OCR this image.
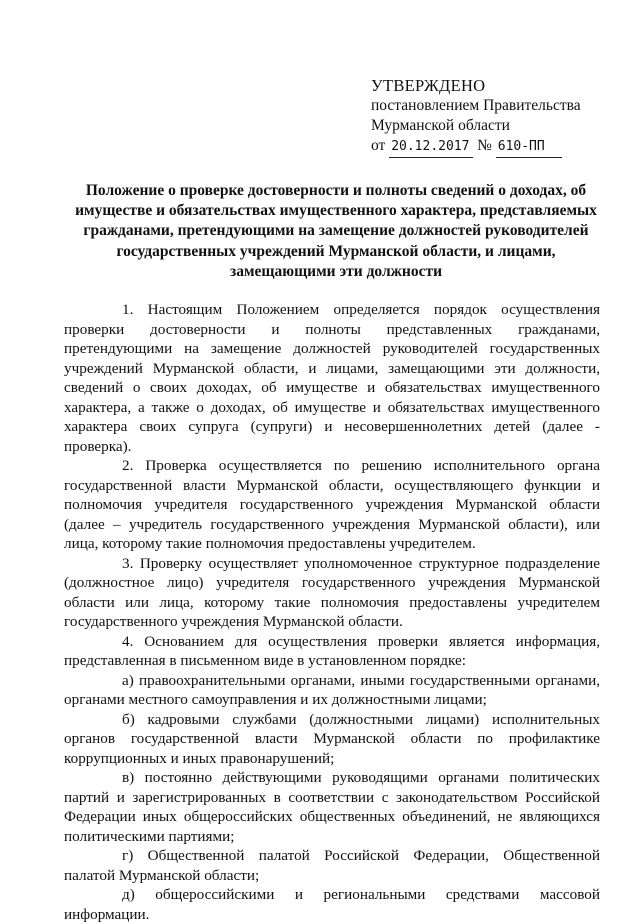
УТВЕРЖДЕНО
постановлением Правительства
Мурманской области
от 20.12.2017 № 610-ПП
Положение о проверке достоверности и полноты сведений о доходах, об имуществе и обязательствах имущественного характера, представляемых гражданами, претендующими на замещение должностей руководителей государственных учреждений Мурманской области, и лицами, замещающими эти должности

1. Настоящим Положением определяется порядок осуществления проверки достоверности и полноты представленных гражданами, претендующими на замещение должностей руководителей государственных учреждений Мурманской области, и лицами, замещающими эти должности, сведений о своих доходах, об имуществе и обязательствах имущественного характера, а также о доходах, об имуществе и обязательствах имущественного характера своих супруга (супруги) и несовершеннолетних детей (далее - проверка).

2. Проверка осуществляется по решению исполнительного органа государственной власти Мурманской области, осуществляющего функции и полномочия учредителя государственного учреждения Мурманской области (далее – учредитель государственного учреждения Мурманской области), или лица, которому такие полномочия предоставлены учредителем.

3. Проверку осуществляет уполномоченное структурное подразделение (должностное лицо) учредителя государственного учреждения Мурманской области или лица, которому такие полномочия предоставлены учредителем государственного учреждения Мурманской области.

4. Основанием для осуществления проверки является информация, представленная в письменном виде в установленном порядке:

а) правоохранительными органами, иными государственными органами, органами местного самоуправления и их должностными лицами;

б) кадровыми службами (должностными лицами) исполнительных органов государственной власти Мурманской области по профилактике коррупционных и иных правонарушений;

в) постоянно действующими руководящими органами политических партий и зарегистрированных в соответствии с законодательством Российской Федерации иных общероссийских общественных объединений, не являющихся политическими партиями;

г) Общественной палатой Российской Федерации, Общественной палатой Мурманской области;

д) общероссийскими и региональными средствами массовой информации.
